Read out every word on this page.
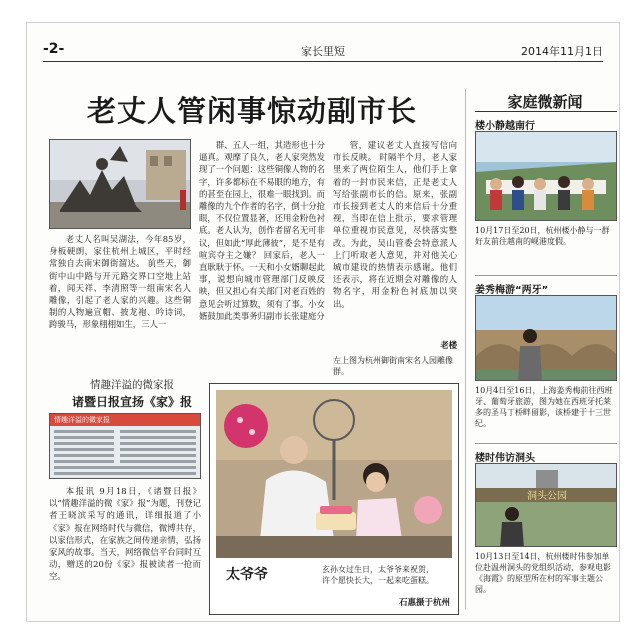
-2-	家长里短	2014年11月1日
老丈人管闲事惊动副市长

老丈人名叫吴湖法，今年85岁，身板硬朗，家住杭州上城区，平时经常独自去南宋御街溜达。 前些天，御街中山中路与开元路交界口空地上站着，闻天祥、李清照等一组南宋名人雕像，引起了老人家的兴趣。这些铜制的人物遍宣帽、披龙袍、吟诗词，跨骏马，形象栩栩如生，三人一

群、五人一组，其造形也十分逼真。观摩了良久，老人家突然发现了一个问题：这些铜像人物的名字，许多都标在不易眼的地方，有的甚至在园上，很难一眼找到。而雕像的九个作者的名字，倒十分抢眼，不仅位置显著，还用金粉色衬底。老人认为，创作者留名无可非议，但如此“厚此薄彼”，是不是有喧宾夺主之嫌？ 回家后，老人一直耿耿于怀。一天和小女婿聊起此事，说想向城市管理部门反映反映，但又担心有关部门对老百姓的意见会听过算数，须有了事。小女婿鼓加此类事务归副市长张建庭分

管，建议老丈人直接写信向市长反映。 时隔半个月，老人家里来了两位陌生人，他们手上拿着的一封市民来信，正是老丈人写给张副市长的信。原来，张副市长接到老丈人的来信后十分重视，当即在信上批示，要求管理单位重视市民意见，尽快落实整改。为此，吴山管委会特意派人上门听取老人意见，并对他关心城市建设的热情表示感谢。他们还表示，将在近期会对雕像的人物名字，用金粉色衬底加以突出。

老楼
左上图为杭州御街南宋名人园雕像群。
情趣洋溢的微家报
诸暨日报宣扬《家》报
情趣洋溢的微家报

本报讯 9月18日，《诸暨日报》以“情趣洋溢的微《家》报”为题，刊登记者王晓滨采写的通讯，详细报道了小《家》报在网络时代与微信，微博共存，以家信形式，在家族之间传递亲情，弘扬家风的故事。当天，网络微信平台同时互动，赠送的20份《家》报被读者一抢而空。	太爷爷	玄孙女过生日，太爷爷来祝贺，
许个愿快长大，一起来吃蛋糕。
石惠摄于杭州
家庭微新闻
楼小静越南行
10月17日至20日，杭州楼小静与一群好友前往越南的岘港度假。
姜秀梅游“两牙”
10月4日至16日，上海姜秀梅前往西班牙、葡萄牙旅游，图为她在西班牙托莱多的圣马丁桥畔留影，该桥建于十三世纪。
楼时伟访洞头
洞头公园
10月13日至14日，杭州楼时伟参加单位赴温州洞头的党组织活动，参观电影《海霞》的原型所在村的军事主题公园。
